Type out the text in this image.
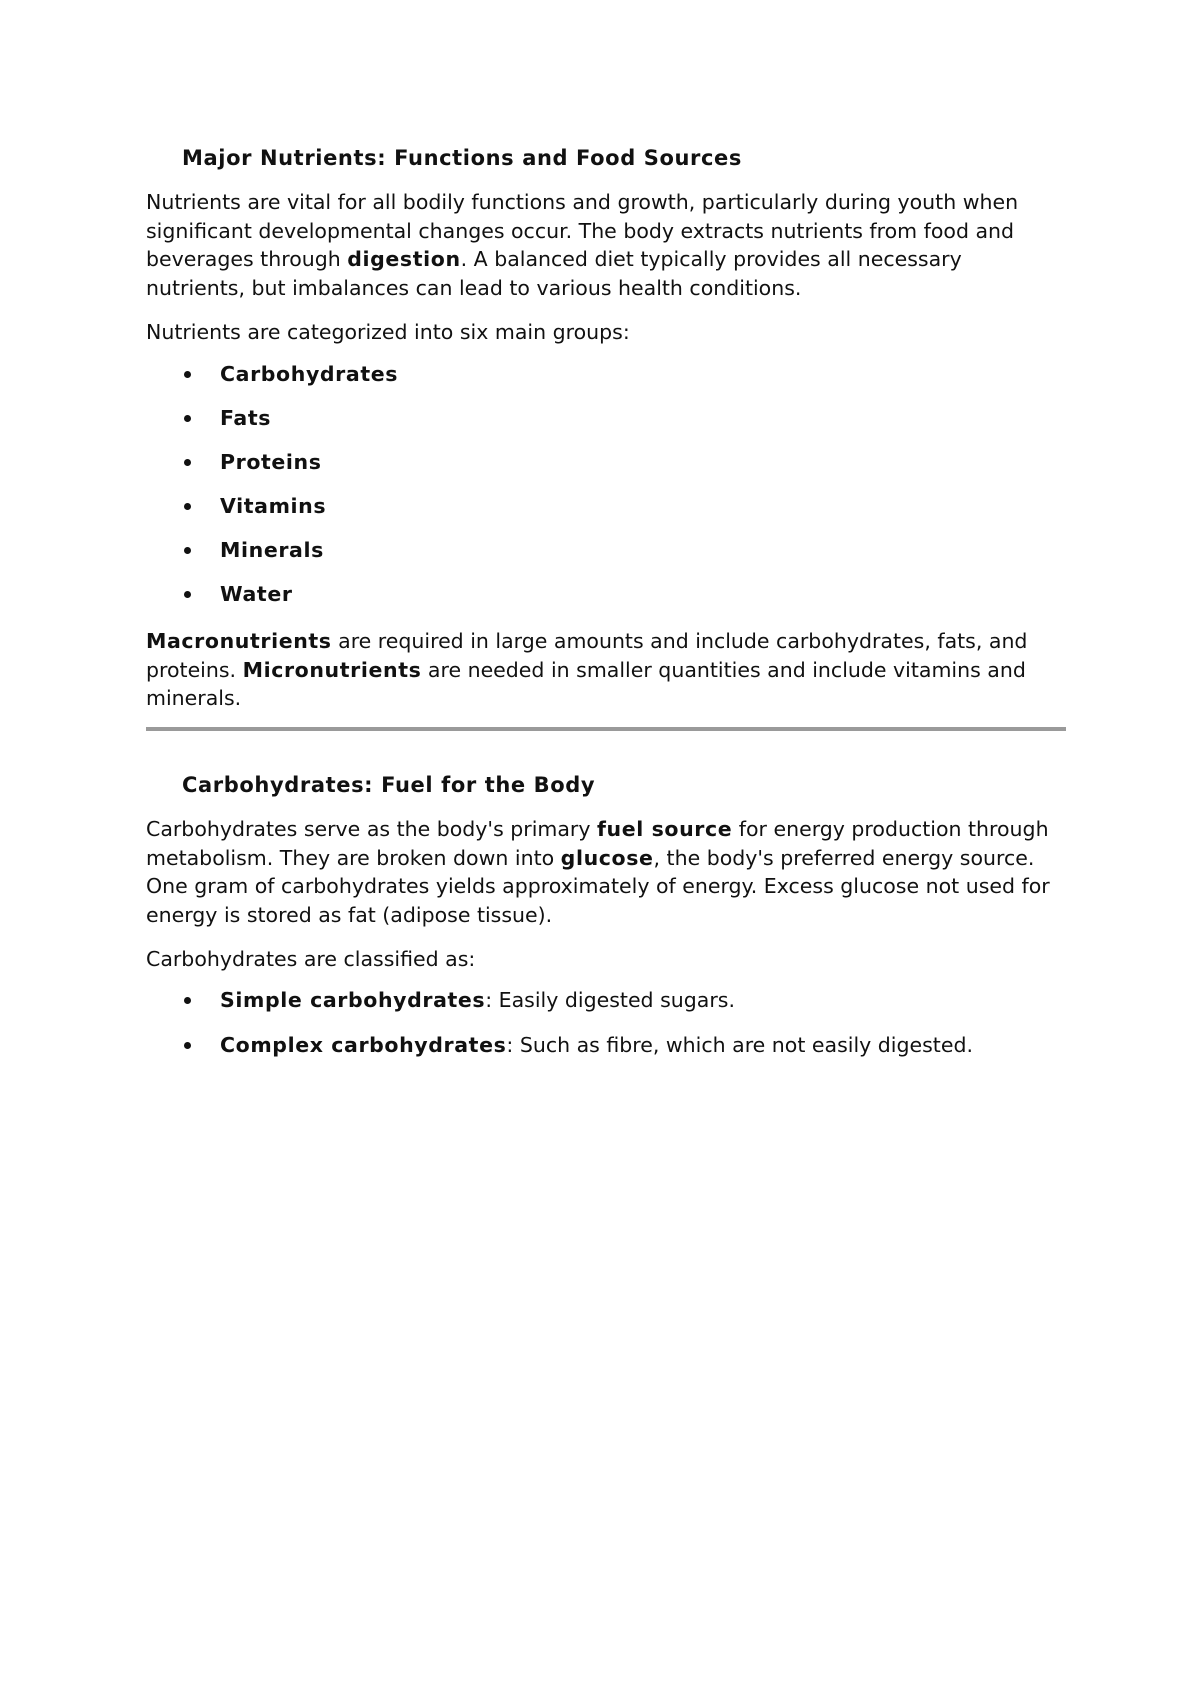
Major Nutrients: Functions and Food Sources

Nutrients are vital for all bodily functions and growth, particularly during youth when significant developmental changes occur. The body extracts nutrients from food and beverages through digestion. A balanced diet typically provides all necessary nutrients, but imbalances can lead to various health conditions.

Nutrients are categorized into six main groups:

Carbohydrates
Fats
Proteins
Vitamins
Minerals
Water

Macronutrients are required in large amounts and include carbohydrates, fats, and proteins. Micronutrients are needed in smaller quantities and include vitamins and minerals.

Carbohydrates: Fuel for the Body

Carbohydrates serve as the body's primary fuel source for energy production through metabolism. They are broken down into glucose, the body's preferred energy source. One gram of carbohydrates yields approximately of energy. Excess glucose not used for energy is stored as fat (adipose tissue).

Carbohydrates are classified as:

Simple carbohydrates: Easily digested sugars.
Complex carbohydrates: Such as fibre, which are not easily digested.
